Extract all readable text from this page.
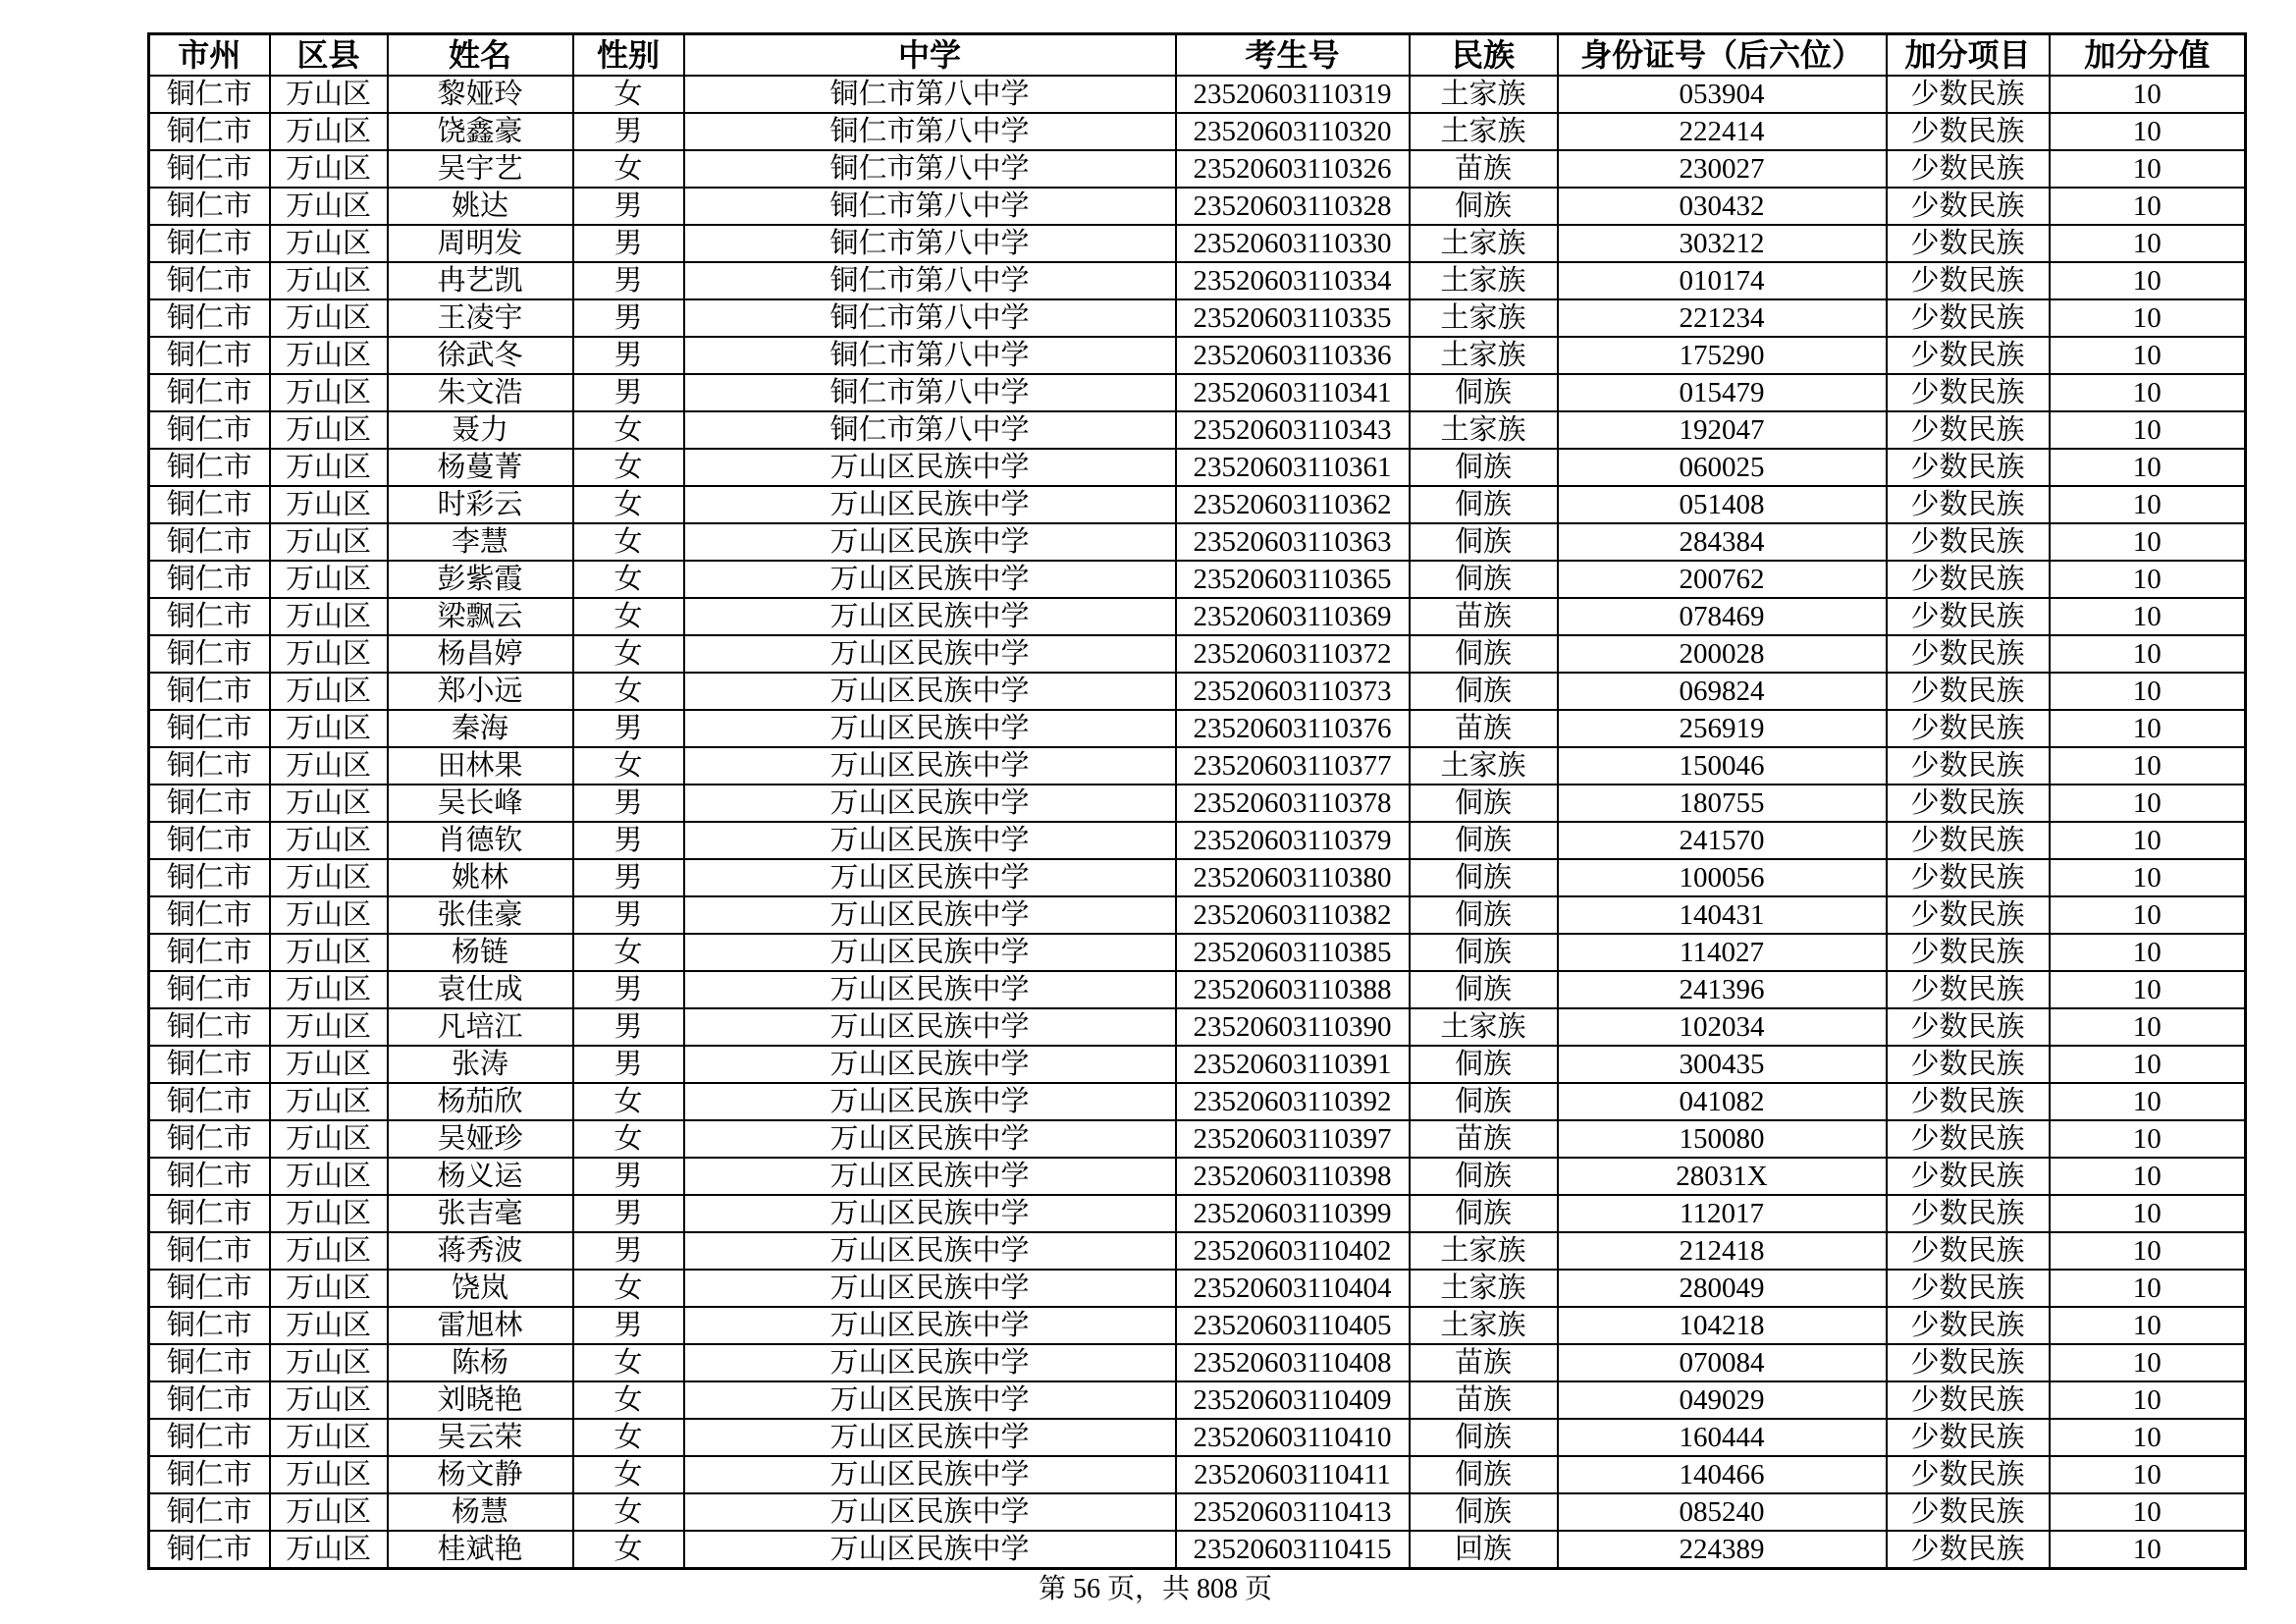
市州	区县	姓名	性别	中学	考生号	民族	身份证号（后六位）	加分项目	加分分值
铜仁市	万山区	黎娅玲	女	铜仁市第八中学	23520603110319	土家族	053904	少数民族	10
铜仁市	万山区	饶鑫豪	男	铜仁市第八中学	23520603110320	土家族	222414	少数民族	10
铜仁市	万山区	吴宇艺	女	铜仁市第八中学	23520603110326	苗族	230027	少数民族	10
铜仁市	万山区	姚达	男	铜仁市第八中学	23520603110328	侗族	030432	少数民族	10
铜仁市	万山区	周明发	男	铜仁市第八中学	23520603110330	土家族	303212	少数民族	10
铜仁市	万山区	冉艺凯	男	铜仁市第八中学	23520603110334	土家族	010174	少数民族	10
铜仁市	万山区	王凌宇	男	铜仁市第八中学	23520603110335	土家族	221234	少数民族	10
铜仁市	万山区	徐武冬	男	铜仁市第八中学	23520603110336	土家族	175290	少数民族	10
铜仁市	万山区	朱文浩	男	铜仁市第八中学	23520603110341	侗族	015479	少数民族	10
铜仁市	万山区	聂力	女	铜仁市第八中学	23520603110343	土家族	192047	少数民族	10
铜仁市	万山区	杨蔓菁	女	万山区民族中学	23520603110361	侗族	060025	少数民族	10
铜仁市	万山区	时彩云	女	万山区民族中学	23520603110362	侗族	051408	少数民族	10
铜仁市	万山区	李慧	女	万山区民族中学	23520603110363	侗族	284384	少数民族	10
铜仁市	万山区	彭紫霞	女	万山区民族中学	23520603110365	侗族	200762	少数民族	10
铜仁市	万山区	梁飘云	女	万山区民族中学	23520603110369	苗族	078469	少数民族	10
铜仁市	万山区	杨昌婷	女	万山区民族中学	23520603110372	侗族	200028	少数民族	10
铜仁市	万山区	郑小远	女	万山区民族中学	23520603110373	侗族	069824	少数民族	10
铜仁市	万山区	秦海	男	万山区民族中学	23520603110376	苗族	256919	少数民族	10
铜仁市	万山区	田林果	女	万山区民族中学	23520603110377	土家族	150046	少数民族	10
铜仁市	万山区	吴长峰	男	万山区民族中学	23520603110378	侗族	180755	少数民族	10
铜仁市	万山区	肖德钦	男	万山区民族中学	23520603110379	侗族	241570	少数民族	10
铜仁市	万山区	姚林	男	万山区民族中学	23520603110380	侗族	100056	少数民族	10
铜仁市	万山区	张佳豪	男	万山区民族中学	23520603110382	侗族	140431	少数民族	10
铜仁市	万山区	杨链	女	万山区民族中学	23520603110385	侗族	114027	少数民族	10
铜仁市	万山区	袁仕成	男	万山区民族中学	23520603110388	侗族	241396	少数民族	10
铜仁市	万山区	凡培江	男	万山区民族中学	23520603110390	土家族	102034	少数民族	10
铜仁市	万山区	张涛	男	万山区民族中学	23520603110391	侗族	300435	少数民族	10
铜仁市	万山区	杨茄欣	女	万山区民族中学	23520603110392	侗族	041082	少数民族	10
铜仁市	万山区	吴娅珍	女	万山区民族中学	23520603110397	苗族	150080	少数民族	10
铜仁市	万山区	杨义运	男	万山区民族中学	23520603110398	侗族	28031X	少数民族	10
铜仁市	万山区	张吉毫	男	万山区民族中学	23520603110399	侗族	112017	少数民族	10
铜仁市	万山区	蒋秀波	男	万山区民族中学	23520603110402	土家族	212418	少数民族	10
铜仁市	万山区	饶岚	女	万山区民族中学	23520603110404	土家族	280049	少数民族	10
铜仁市	万山区	雷旭林	男	万山区民族中学	23520603110405	土家族	104218	少数民族	10
铜仁市	万山区	陈杨	女	万山区民族中学	23520603110408	苗族	070084	少数民族	10
铜仁市	万山区	刘晓艳	女	万山区民族中学	23520603110409	苗族	049029	少数民族	10
铜仁市	万山区	吴云荣	女	万山区民族中学	23520603110410	侗族	160444	少数民族	10
铜仁市	万山区	杨文静	女	万山区民族中学	23520603110411	侗族	140466	少数民族	10
铜仁市	万山区	杨慧	女	万山区民族中学	23520603110413	侗族	085240	少数民族	10
铜仁市	万山区	桂斌艳	女	万山区民族中学	23520603110415	回族	224389	少数民族	10
第 56 页，共 808 页
